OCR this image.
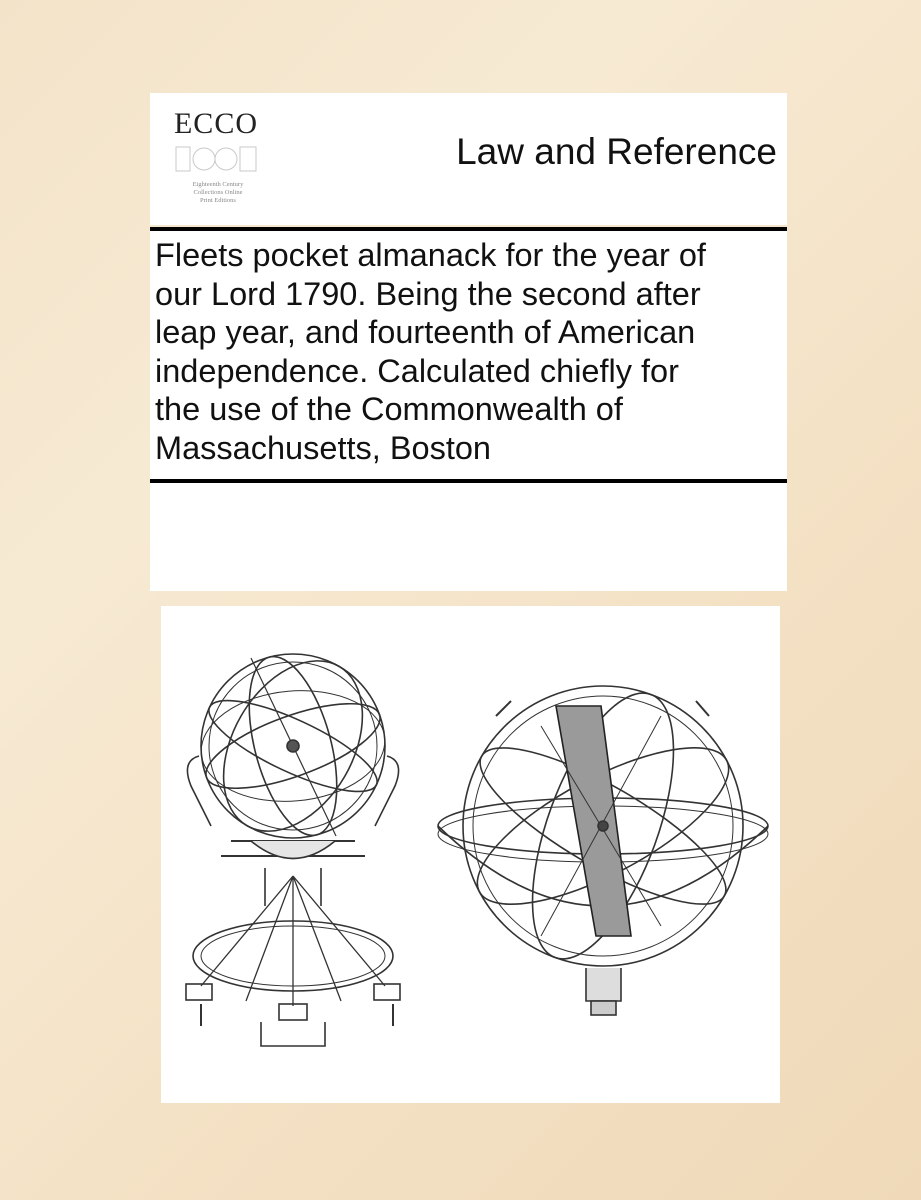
ECCO
Eighteenth Century
Collections Online
Print Editions
Law and Reference
Fleets pocket almanack for the year of
our Lord 1790. Being the second after
leap year, and fourteenth of American
independence. Calculated chiefly for
the use of the Commonwealth of
Massachusetts, Boston
